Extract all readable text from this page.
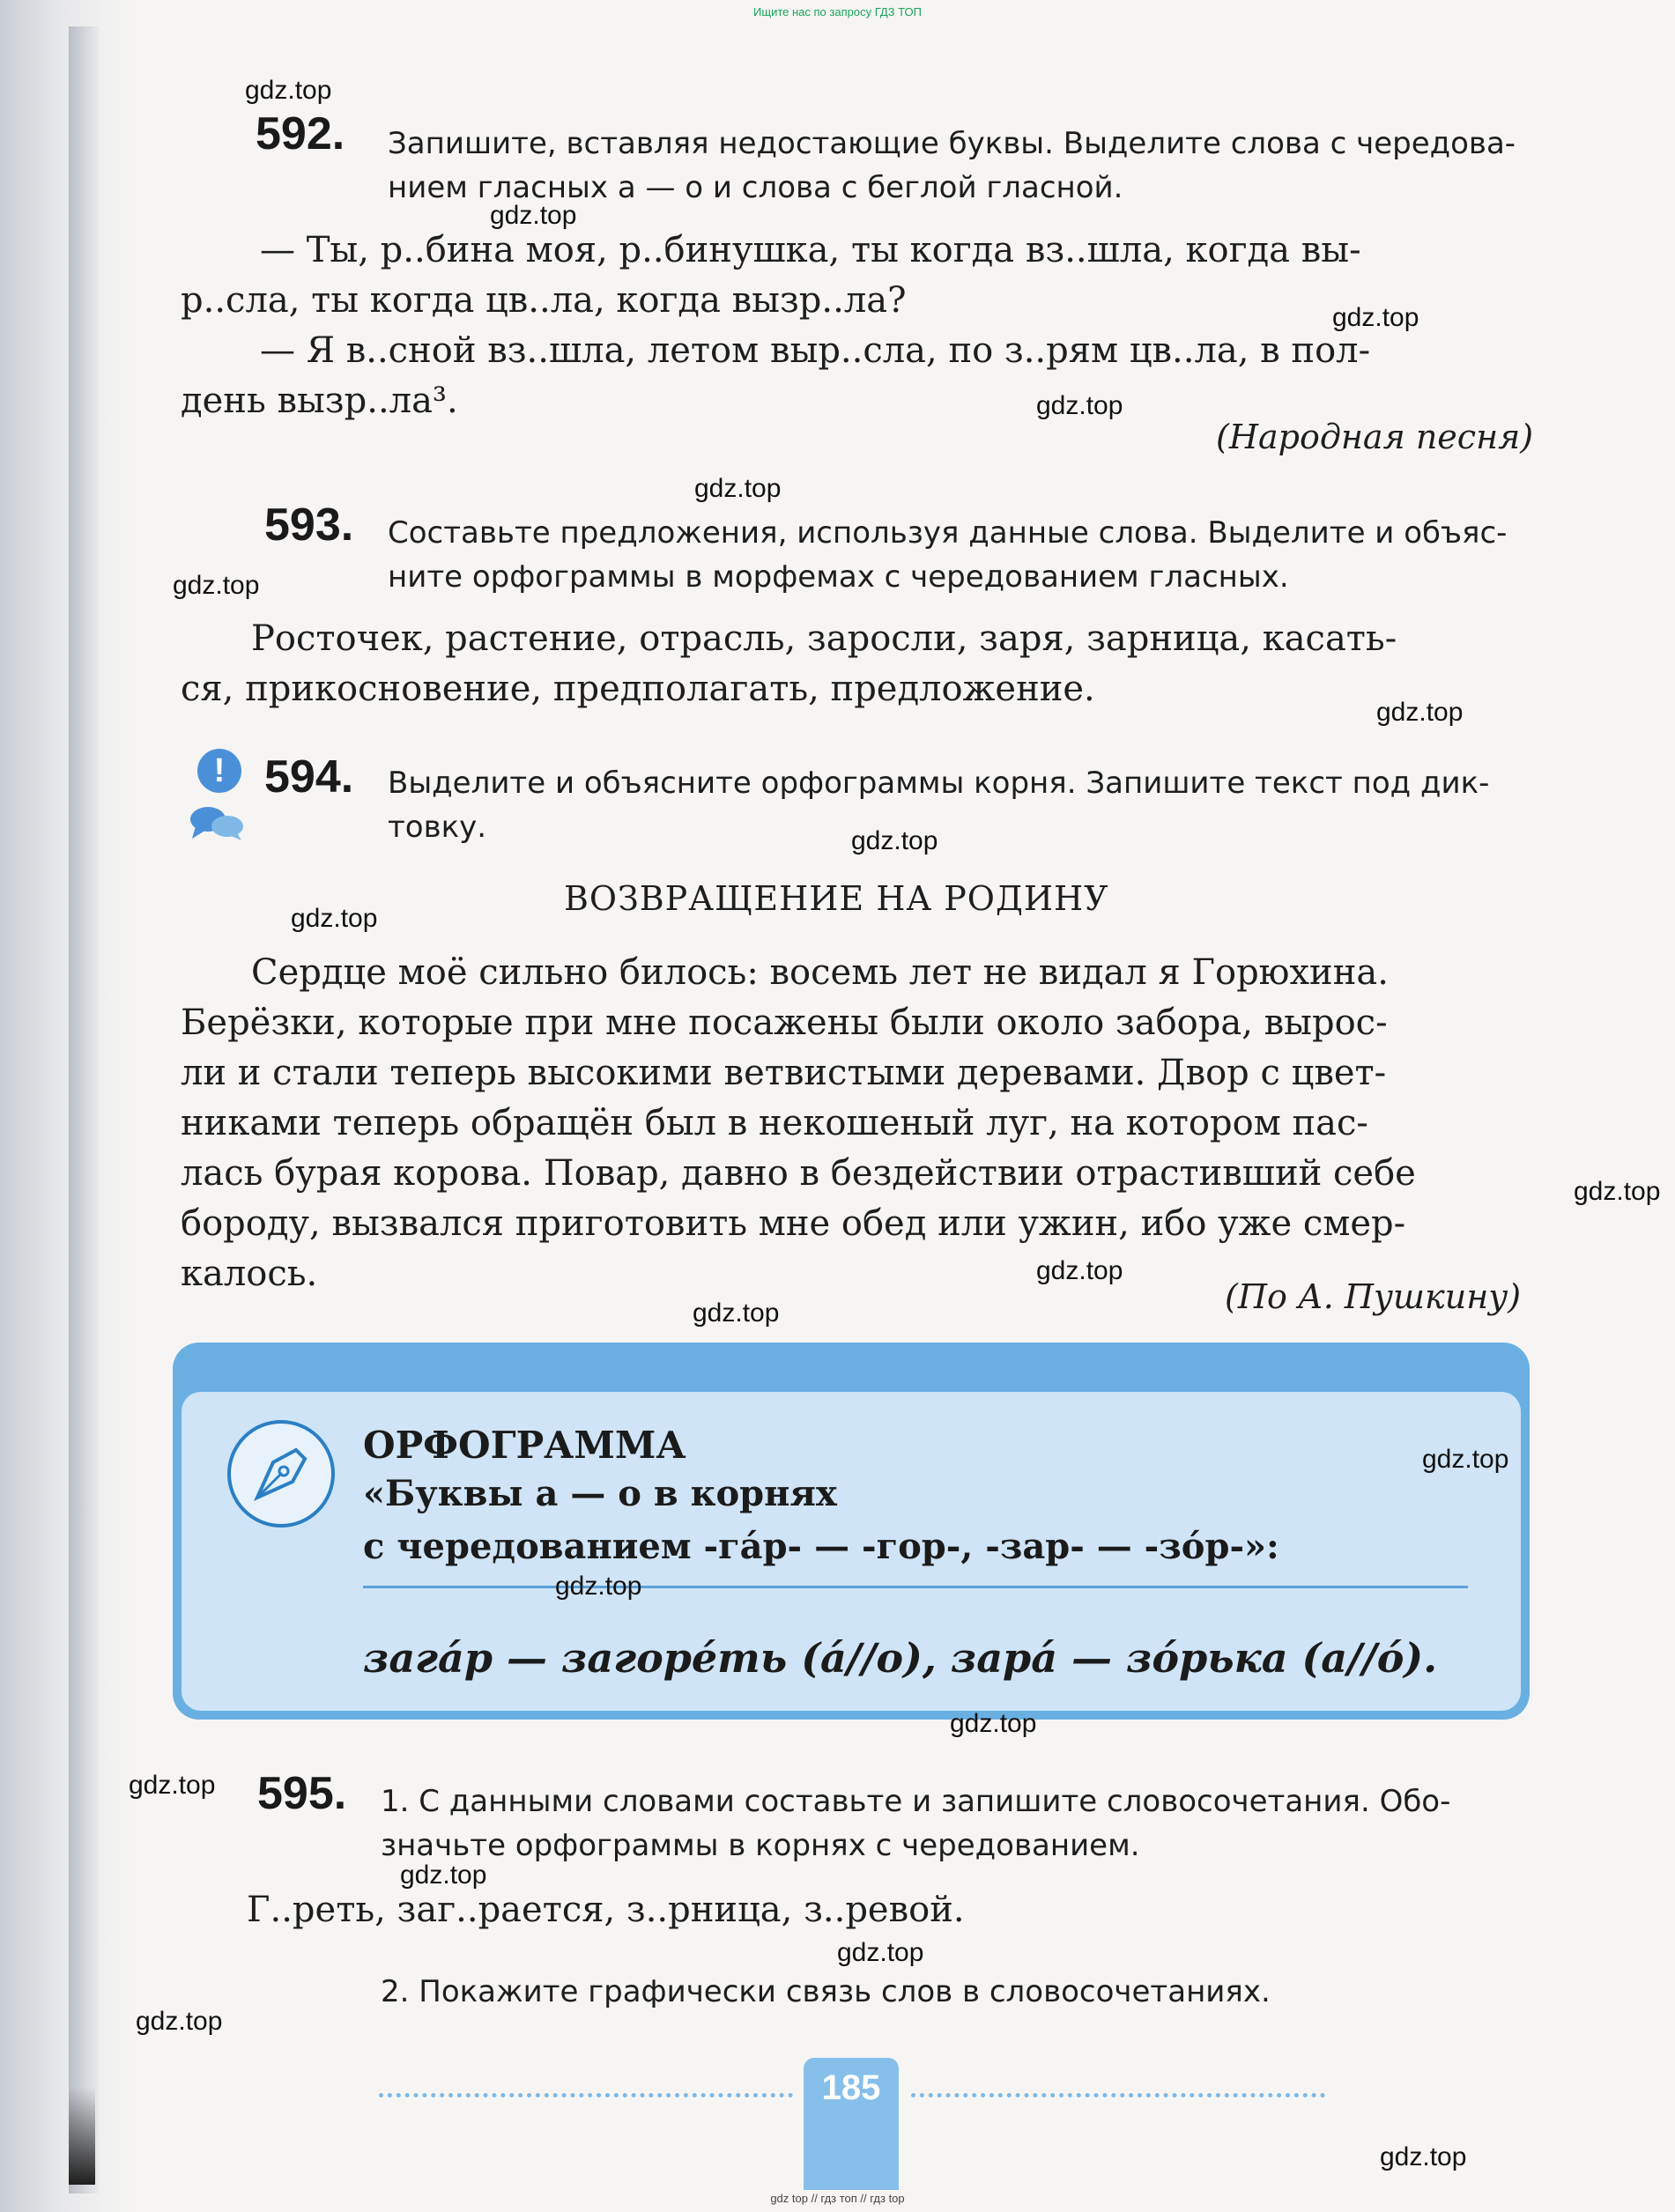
Ищите нас по запросу ГДЗ ТОП
592. Запишите, вставляя недостающие буквы. Выделите слова с чередова-
нием гласных а — о и слова с беглой гласной.
— Ты, р..бина моя, р..бинушка, ты когда вз..шла, когда вы-
р..сла, ты когда цв..ла, когда вызр..ла?
— Я в..сной вз..шла, летом выр..сла, по з..рям цв..ла, в пол-
день вызр..ла³.
(Народная песня)
593. Составьте предложения, используя данные слова. Выделите и объяс-
ните орфограммы в морфемах с чередованием гласных.
Росточек, растение, отрасль, заросли, заря, зарница, касать-
ся, прикосновение, предполагать, предложение.
! 594. Выделите и объясните орфограммы корня. Запишите текст под дик-
товку.
ВОЗВРАЩЕНИЕ НА РОДИНУ
Сердце моё сильно билось: восемь лет не видал я Горюхина.
Берёзки, которые при мне посажены были около забора, вырос-
ли и стали теперь высокими ветвистыми деревами. Двор с цвет-
никами теперь обращён был в некошеный луг, на котором пас-
лась бурая корова. Повар, давно в бездействии отрастивший себе
бороду, вызвался приготовить мне обед или ужин, ибо уже смер-
калось.
(По А. Пушкину)
ОРФОГРАММА
«Буквы а — о в корнях
с чередованием -гáр- — -гор-, -зар- — -зóр-»:
загáр — загорéть (á//о), зарá — зóрька (а//ó).
595. 1. С данными словами составьте и запишите словосочетания. Обо-
значьте орфограммы в корнях с чередованием.
Г..реть, заг..рается, з..рница, з..ревой.
2. Покажите графически связь слов в словосочетаниях.
185
gdz.top
gdz.top
gdz.top
gdz.top
gdz.top
gdz.top
gdz.top
gdz.top
gdz.top
gdz.top
gdz.top
gdz.top
gdz.top
gdz.top
gdz.top
gdz.top
gdz.top
gdz.top
gdz.top
gdz.top
gdz top // гдз топ // гдз top
